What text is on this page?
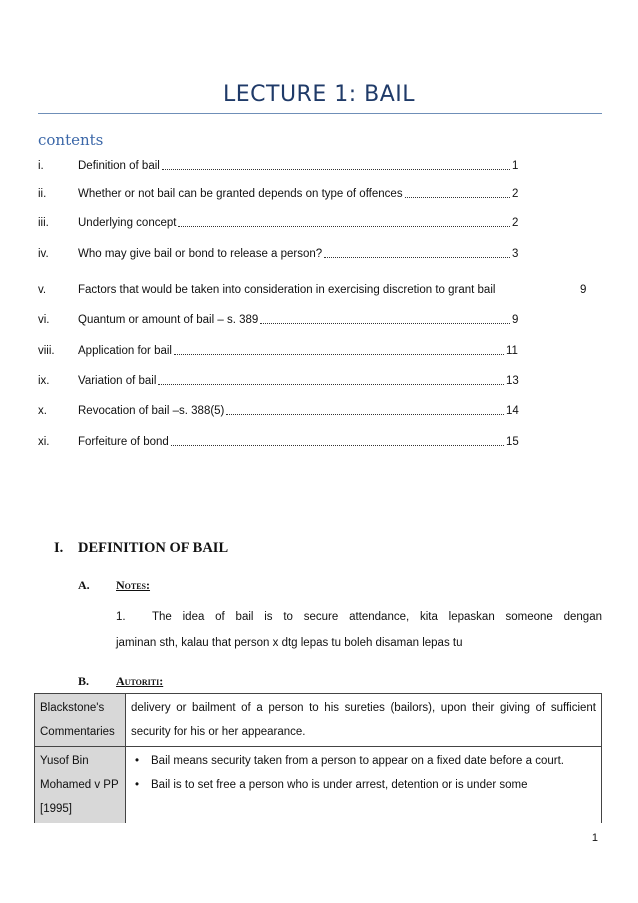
LECTURE 1: BAIL
contents
i.	Definition of bail	1
ii.	Whether or not bail can be granted depends on type of offences	2
iii.	Underlying concept	2
iv.	Who may give bail or bond to release a person?	3
v.	Factors that would be taken into consideration in exercising discretion to grant bail	9
vi. Quantum or amount of bail – s. 389	9
viii. Application for bail	11
ix. Variation of bail	13
x.	Revocation of bail –s. 388(5)	14
xi. Forfeiture of bond	15
I. DEFINITION OF BAIL
A. Notes:
1. The idea of bail is to secure attendance, kita lepaskan someone dengan
jaminan sth, kalau that person x dtg lepas tu boleh disaman lepas tu
B. Autoriti:
Blackstone's Commentaries	delivery or bailment of a person to his sureties (bailors), upon their giving of sufficient security for his or her appearance.
Yusof Bin Mohamed v PP [1995]	• Bail means security taken from a person to appear on a fixed date before a court.
• Bail is to set free a person who is under arrest, detention or is under some
1
